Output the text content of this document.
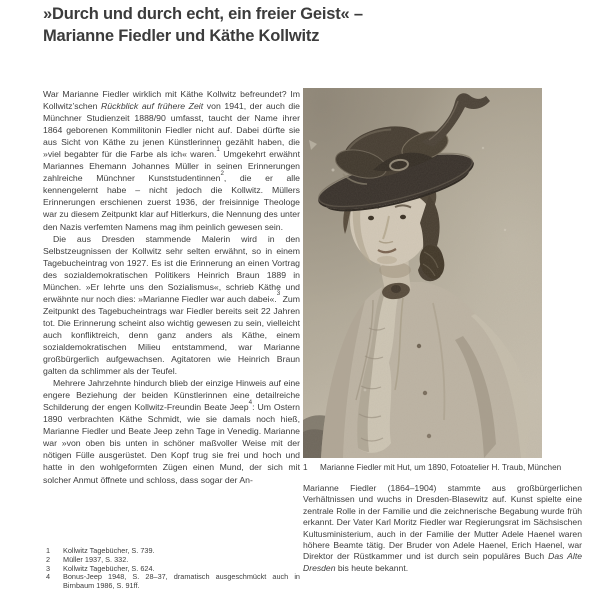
»Durch und durch echt, ein freier Geist« –
Marianne Fiedler und Käthe Kollwitz

War Marianne Fiedler wirklich mit Käthe Kollwitz befreundet? Im Kollwitz’schen Rückblick auf frühere Zeit von 1941, der auch die Münchner Studienzeit 1888/90 umfasst, taucht der Name ihrer 1864 geborenen Kommilitonin Fiedler nicht auf. Dabei dürfte sie aus Sicht von Käthe zu jenen Künstlerinnen gezählt haben, die »viel begabter für die Farbe als ich« waren.$^1$ Umgekehrt erwähnt Mariannes Ehemann Johannes Müller in seinen Erinnerungen zahlreiche Münchner Kunststudentinnen$^2$, die er alle kennengelernt habe – nicht jedoch die Kollwitz. Müllers Erinnerungen erschienen zuerst 1936, der freisinnige Theologe war zu diesem Zeitpunkt klar auf Hitlerkurs, die Nennung des unter den Nazis verfemten Namens mag ihm peinlich gewesen sein.

Die aus Dresden stammende Malerin wird in den Selbstzeugnissen der Kollwitz sehr selten erwähnt, so in einem Tagebucheintrag von 1927. Es ist die Erinnerung an einen Vortrag des sozialdemokratischen Politikers Heinrich Braun 1889 in München. »Er lehrte uns den Sozialismus«, schrieb Käthe und erwähnte nur noch dies: »Marianne Fiedler war auch dabei«.$^3$ Zum Zeitpunkt des Tagebucheintrags war Fiedler bereits seit 22 Jahren tot. Die Erinnerung scheint also wichtig gewesen zu sein, vielleicht auch konfliktreich, denn ganz anders als Käthe, einem sozialdemokratischen Milieu entstammend, war Marianne großbürgerlich aufgewachsen. Agitatoren wie Heinrich Braun galten da schlimmer als der Teufel.

Mehrere Jahrzehnte hindurch blieb der einzige Hinweis auf eine engere Beziehung der beiden Künstlerinnen eine detailreiche Schilderung der engen Kollwitz-Freundin Beate Jeep$^4$: Um Ostern 1890 verbrachten Käthe Schmidt, wie sie damals noch hieß, Marianne Fiedler und Beate Jeep zehn Tage in Venedig. Marianne war »von oben bis unten in schöner maßvoller Weise mit der nötigen Fülle ausgerüstet. Den Kopf trug sie frei und hoch und hatte in den wohlgeformten Zügen einen Mund, der sich mit solcher Anmut öffnete und schloss, dass sogar der An-

1	Kollwitz Tagebücher, S. 739.
2	Müller 1937, S. 332.
3	Kollwitz Tagebücher, S. 624.
4	Bonus-Jeep 1948, S. 28–37, dramatisch ausgeschmückt auch in Birnbaum 1986, S. 91ff.
1	Marianne Fiedler mit Hut, um 1890, Fotoatelier H. Traub, München

Marianne Fiedler (1864–1904) stammte aus großbürgerlichen Verhältnissen und wuchs in Dresden-Blasewitz auf. Kunst spielte eine zentrale Rolle in der Familie und die zeichnerische Begabung wurde früh erkannt. Der Vater Karl Moritz Fiedler war Regierungsrat im Sächsischen Kultusministerium, auch in der Familie der Mutter Adele Haenel waren höhere Beamte tätig. Der Bruder von Adele Haenel, Erich Haenel, war Direktor der Rüstkammer und ist durch sein populäres Buch Das Alte Dresden bis heute bekannt.
